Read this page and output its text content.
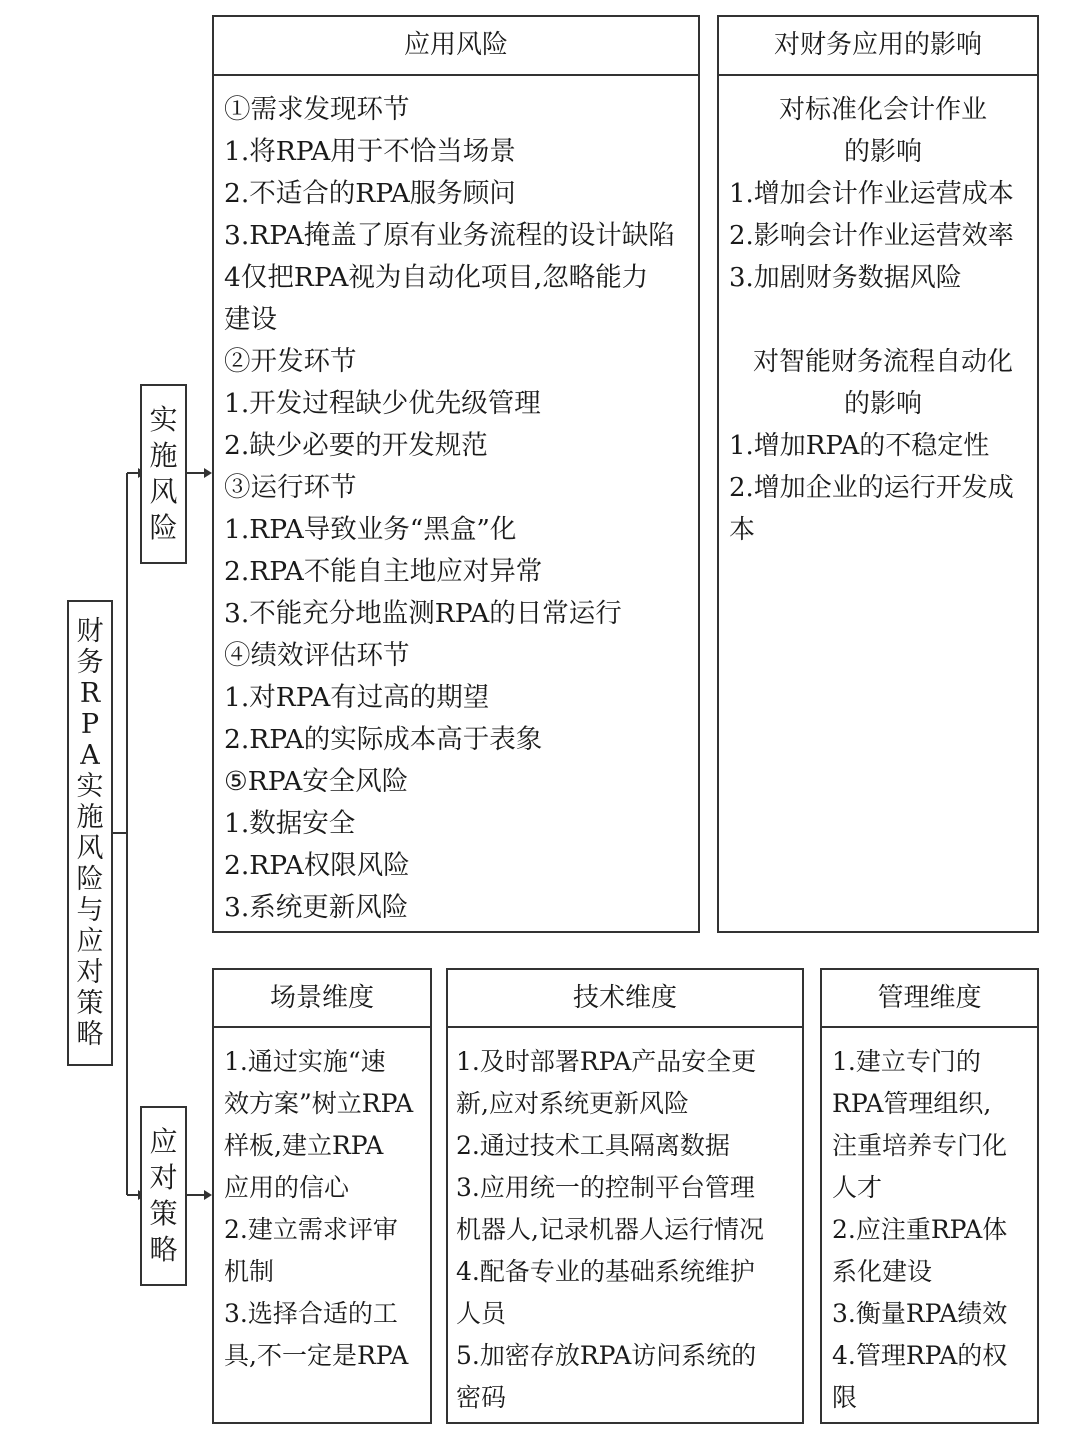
财
务
R
P
A
实
施
风
险
与
应
对
策
略
实
施
风
险
应
对
策
略
应用风险
①需求发现环节
1.将RPA用于不恰当场景
2.不适合的RPA服务顾问
3.RPA掩盖了原有业务流程的设计缺陷
4仅把RPA视为自动化项目,忽略能力
建设
②开发环节
1.开发过程缺少优先级管理
2.缺少必要的开发规范
③运行环节
1.RPA导致业务“黑盒”化
2.RPA不能自主地应对异常
3.不能充分地监测RPA的日常运行
④绩效评估环节
1.对RPA有过高的期望
2.RPA的实际成本高于表象
⑤RPA安全风险
1.数据安全
2.RPA权限风险
3.系统更新风险
对财务应用的影响
对标准化会计作业
的影响
1.增加会计作业运营成本
2.影响会计作业运营效率
3.加剧财务数据风险
对智能财务流程自动化
的影响
1.增加RPA的不稳定性
2.增加企业的运行开发成
本
场景维度
1.通过实施“速
效方案”树立RPA
样板,建立RPA
应用的信心
2.建立需求评审
机制
3.选择合适的工
具,不一定是RPA
技术维度
1.及时部署RPA产品安全更
新,应对系统更新风险
2.通过技术工具隔离数据
3.应用统一的控制平台管理
机器人,记录机器人运行情况
4.配备专业的基础系统维护
人员
5.加密存放RPA访问系统的
密码
管理维度
1.建立专门的
RPA管理组织,
注重培养专门化
人才
2.应注重RPA体
系化建设
3.衡量RPA绩效
4.管理RPA的权
限
